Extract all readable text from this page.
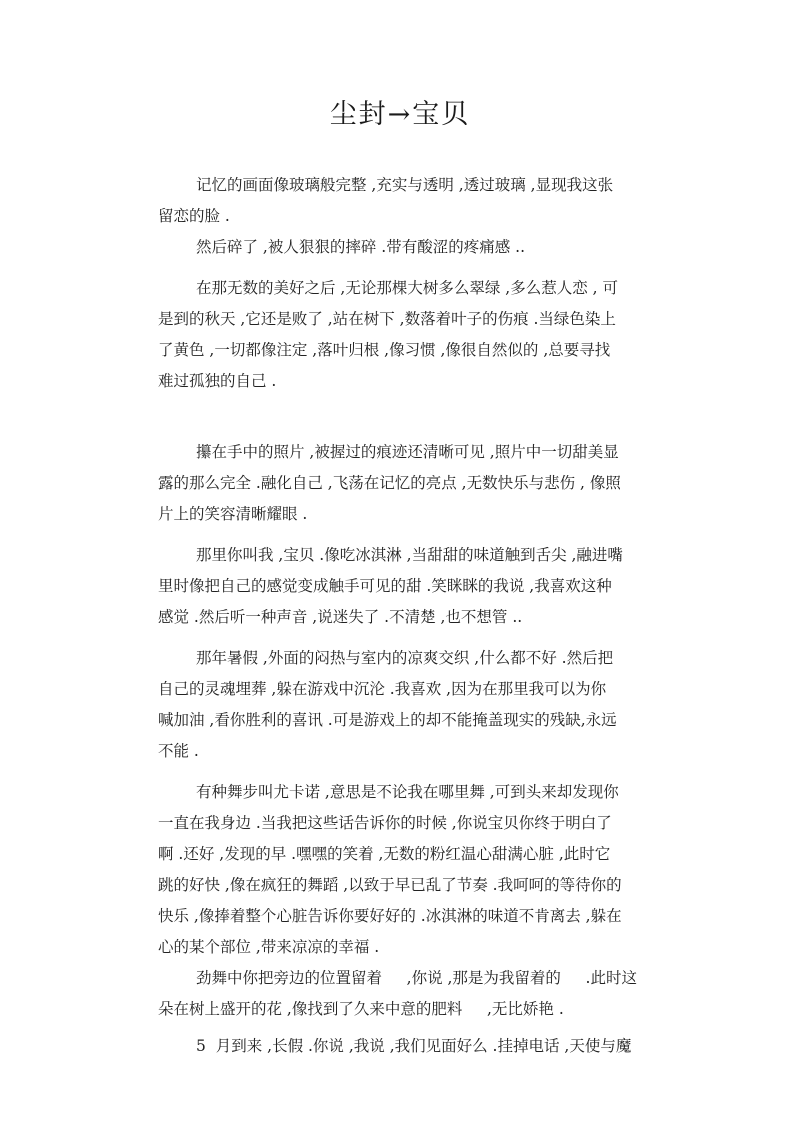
尘封→宝贝

记忆的画面像玻璃般完整 ,充实与透明 ,透过玻璃 ,显现我这张
留恋的脸 .

然后碎了 ,被人狠狠的摔碎 .带有酸涩的疼痛感 ..

在那无数的美好之后 ,无论那棵大树多么翠绿 ,多么惹人恋 , 可
是到的秋天 ,它还是败了 ,站在树下 ,数落着叶子的伤痕 .当绿色染上
了黄色 ,一切都像注定 ,落叶归根 ,像习惯 ,像很自然似的 ,总要寻找
难过孤独的自己 .

攥在手中的照片 ,被握过的痕迹还清晰可见 ,照片中一切甜美显
露的那么完全 .融化自己 ,飞荡在记忆的亮点 ,无数快乐与悲伤 , 像照
片上的笑容清晰耀眼 .

那里你叫我 ,宝贝 .像吃冰淇淋 ,当甜甜的味道触到舌尖 ,融进嘴
里时像把自己的感觉变成触手可见的甜 .笑眯眯的我说 ,我喜欢这种
感觉 .然后听一种声音 ,说迷失了 .不清楚 ,也不想管 ..

那年暑假 ,外面的闷热与室内的凉爽交织 ,什么都不好 .然后把
自己的灵魂埋葬 ,躲在游戏中沉沦 .我喜欢 ,因为在那里我可以为你
喊加油 ,看你胜利的喜讯 .可是游戏上的却不能掩盖现实的残缺,永远
不能 .

有种舞步叫尤卡诺 ,意思是不论我在哪里舞 ,可到头来却发现你
一直在我身边 .当我把这些话告诉你的时候 ,你说宝贝你终于明白了
啊 .还好 ,发现的早 .嘿嘿的笑着 ,无数的粉红温心甜满心脏 ,此时它
跳的好快 ,像在疯狂的舞蹈 ,以致于早已乱了节奏 .我呵呵的等待你的
快乐 ,像捧着整个心脏告诉你要好好的 .冰淇淋的味道不肯离去 ,躲在
心的某个部位 ,带来凉凉的幸福 .

劲舞中你把旁边的位置留着     ,你说 ,那是为我留着的     .此时这
朵在树上盛开的花 ,像找到了久来中意的肥料     ,无比娇艳 .

5  月到来 ,长假 .你说 ,我说 ,我们见面好么 .挂掉电话 ,天使与魔
